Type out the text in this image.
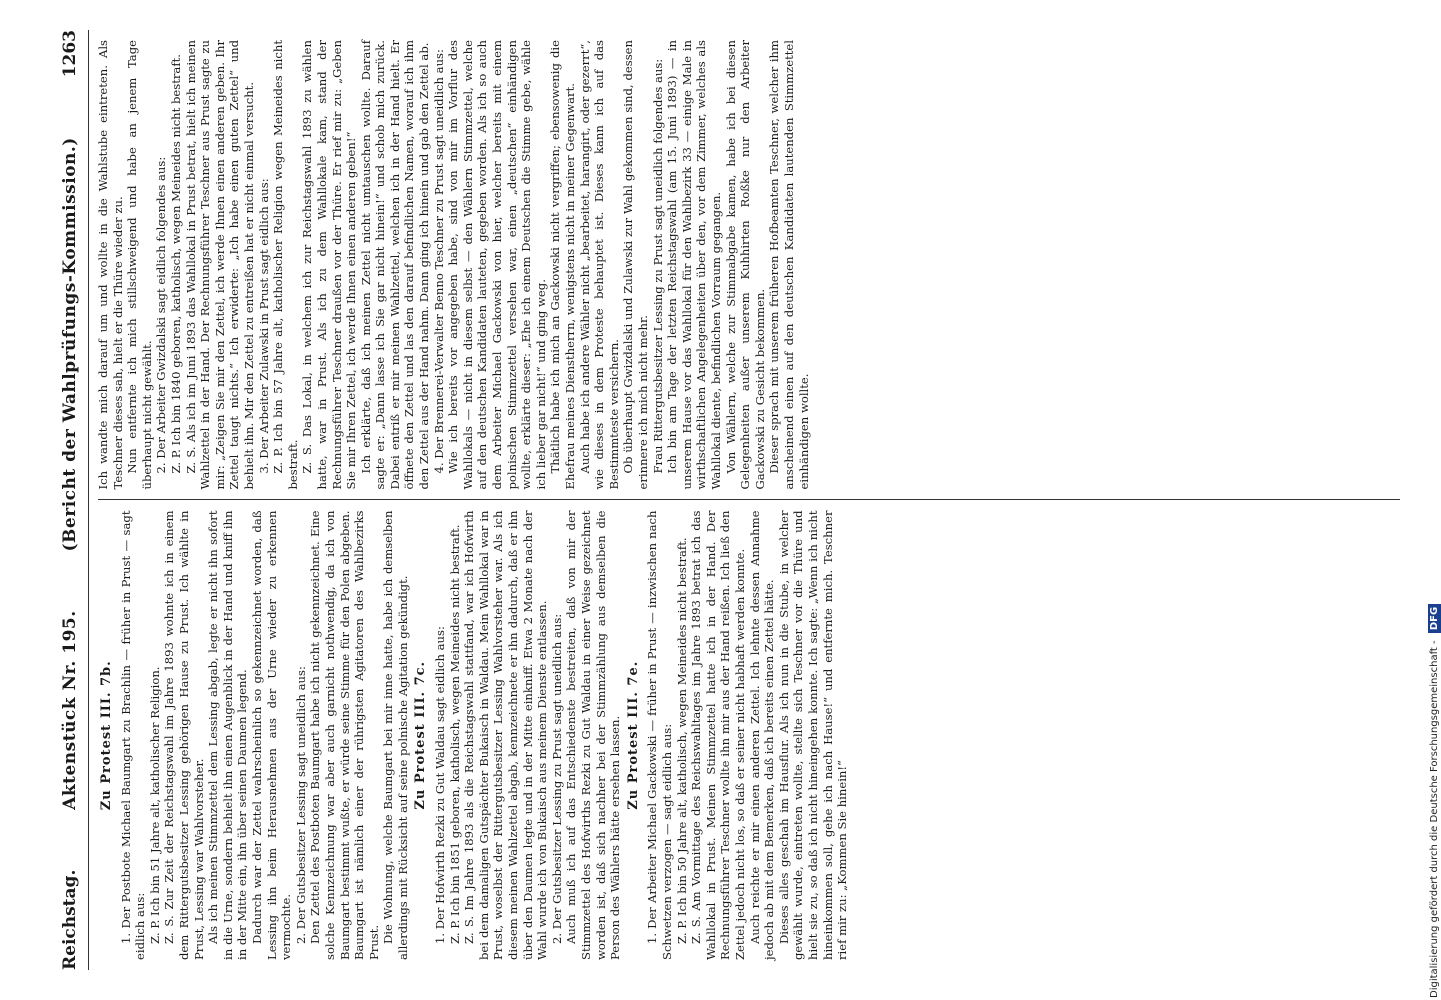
Reichstag.
Aktenstück Nr. 195.  (Bericht der Wahlprüfungs-Kommission.)
1263
Zu Protest III. 7b. 1. Der Postbote Michael Baumgart zu Brachlin — früher in Prust — sagt eidlich aus: Z. P. Ich bin 51 Jahre alt, katholischer Religion. Z. S. Zur Zeit der Reichstagswahl im Jahre 1893 wohnte ich in einem dem Rittergutsbesitzer Lessing gehörigen Hause zu Prust. Ich wählte in Prust, Lessing war Wahlvorsteher. Als ich meinen Stimmzettel dem Lessing abgab, legte er nicht ihn sofort in die Urne, sondern behielt ihn einen Augenblick in der Hand und kniff ihn in der Mitte ein, ihn über seinen Daumen legend. Dadurch war der Zettel wahrscheinlich so gekennzeichnet worden, daß Lessing ihn beim Herausnehmen aus der Urne wieder zu erkennen vermochte. 2. Der Gutsbesitzer Lessing sagt uneidlich aus: Den Zettel des Postboten Baumgart habe ich nicht gekennzeichnet. Eine solche Kennzeichnung war aber auch garnicht nothwendig, da ich von Baumgart bestimmt wußte, er würde seine Stimme für den Polen abgeben. Baumgart ist nämlich einer der rührigsten Agitatoren des Wahlbezirks Prust. Die Wohnung, welche Baumgart bei mir inne hatte, habe ich demselben allerdings mit Rücksicht auf seine polnische Agitation gekündigt. Zu Protest III. 7c. 1. Der Hofwirth Rezki zu Gut Waldau sagt eidlich aus: Z. P. Ich bin 1851 geboren, katholisch, wegen Meineides nicht bestraft. Z. S. Im Jahre 1893 als die Reichstagswahl stattfand, war ich Hofwirth bei dem damaligen Gutspächter Bukaisch in Waldau. Mein Wahllokal war in Prust, woselbst der Rittergutsbesitzer Lessing Wahlvorsteher war. Als ich diesem meinen Wahlzettel abgab, kennzeichnete er ihn dadurch, daß er ihn über den Daumen legte und in der Mitte einkniff. Etwa 2 Monate nach der Wahl wurde ich von Bukaisch aus meinem Dienste entlassen. 2. Der Gutsbesitzer Lessing zu Prust sagt uneidlich aus: Auch muß ich auf das Entschiedenste bestreiten, daß von mir der Stimmzettel des Hofwirths Rezki zu Gut Waldau in einer Weise gezeichnet worden ist, daß sich nachher bei der Stimmzählung aus demselben die Person des Wählers hätte ersehen lassen. Zu Protest III. 7e. 1. Der Arbeiter Michael Gackowski — früher in Prust — inzwischen nach Schwetzen verzogen — sagt eidlich aus: Z. P. Ich bin 50 Jahre alt, katholisch, wegen Meineides nicht bestraft. Z. S. Am Vormittage des Reichswahltages im Jahre 1893 betrat ich das Wahllokal in Prust. Meinen Stimmzettel hatte ich in der Hand. Der Rechnungsführer Teschner wollte ihn mir aus der Hand reißen. Ich ließ den Zettel jedoch nicht los, so daß er seiner nicht habhaft werden konnte. Auch reichte er mir einen anderen Zettel. Ich lehnte dessen Annahme jedoch ab mit dem Bemerken, daß ich bereits einen Zettel hätte. Dieses alles geschah im Hausflur. Als ich nun in die Stube, in welcher gewählt wurde, eintreten wollte, stellte sich Teschner vor die Thüre und hielt sie zu, so daß ich nicht hineingehen konnte. Ich sagte: „Wenn ich nicht hineinkommen soll, gehe ich nach Hause!“ und entfernte mich. Teschner rief mir zu: „Kommen Sie hinein!“

Ich wandte mich darauf um und wollte in die Wahlstube eintreten. Als Teschner dieses sah, hielt er die Thüre wieder zu. Nun entfernte ich mich stillschweigend und habe an jenem Tage überhaupt nicht gewählt. 2. Der Arbeiter Gwizdalski sagt eidlich folgendes aus: Z. P. Ich bin 1840 geboren, katholisch, wegen Meineides nicht bestraft. Z. S. Als ich im Juni 1893 das Wahllokal in Prust betrat, hielt ich meinen Wahlzettel in der Hand. Der Rechnungsführer Teschner aus Prust sagte zu mir: „Zeigen Sie mir den Zettel, ich werde Ihnen einen anderen geben. Ihr Zettel taugt nichts.“ Ich erwiderte: „Ich habe einen guten Zettel“ und behielt ihn. Mir den Zettel zu entreißen hat er nicht einmal versucht. 3. Der Arbeiter Zulawski in Prust sagt eidlich aus: Z. P. Ich bin 57 Jahre alt, katholischer Religion wegen Meineides nicht bestraft. Z. S. Das Lokal, in welchem ich zur Reichstagswahl 1893 zu wählen hatte, war in Prust. Als ich zu dem Wahllokale kam, stand der Rechnungsführer Teschner draußen vor der Thüre. Er rief mir zu: „Geben Sie mir Ihren Zettel, ich werde Ihnen einen anderen geben!“ Ich erklärte, daß ich meinen Zettel nicht umtauschen wollte. Darauf sagte er: „Dann lasse ich Sie gar nicht hinein!“ und schob mich zurück. Dabei entriß er mir meinen Wahlzettel, welchen ich in der Hand hielt. Er öffnete den Zettel und las den darauf befindlichen Namen, worauf ich ihm den Zettel aus der Hand nahm. Dann ging ich hinein und gab den Zettel ab. 4. Der Brennerei-Verwalter Benno Teschner zu Prust sagt uneidlich aus: Wie ich bereits vor angegeben habe, sind von mir im Vorflur des Wahllokals — nicht in diesem selbst — den Wählern Stimmzettel, welche auf den deutschen Kandidaten lauteten, gegeben worden. Als ich so auch dem Arbeiter Michael Gackowski von hier, welcher bereits mit einem polnischen Stimmzettel versehen war, einen „deutschen“ einhändigen wollte, erklärte dieser: „Ehe ich einem Deutschen die Stimme gebe, wähle ich lieber gar nicht!“ und ging weg. Thätlich habe ich mich an Gackowski nicht vergriffen; ebensowenig die Ehefrau meines Dienstherrn, wenigstens nicht in meiner Gegenwart. Auch habe ich andere Wähler nicht „bearbeitet, harangirt, oder gezerrt“, wie dieses in dem Proteste behauptet ist. Dieses kann ich auf das Bestimmteste versichern. Ob überhaupt Gwizdalski und Zulawski zur Wahl gekommen sind, dessen erinnere ich mich nicht mehr. Frau Rittergutsbesitzer Lessing zu Prust sagt uneidlich folgendes aus: Ich bin am Tage der letzten Reichstagswahl (am 15. Juni 1893) — in unserem Hause vor das Wahllokal für den Wahlbezirk 33 — einige Male in wirthschaftlichen Angelegenheiten über den, vor dem Zimmer, welches als Wahllokal diente, befindlichen Vorraum gegangen. Von Wählern, welche zur Stimmabgabe kamen, habe ich bei diesen Gelegenheiten außer unserem Kuhhirten Roßke nur den Arbeiter Gackowski zu Gesicht bekommen. Dieser sprach mit unserem früheren Hofbeamten Teschner, welcher ihm anscheinend einen auf den deutschen Kandidaten lautenden Stimmzettel einhändigen wollte.

Digitalisierung gefördert durch die Deutsche Forschungsgemeinschaft - DFG
